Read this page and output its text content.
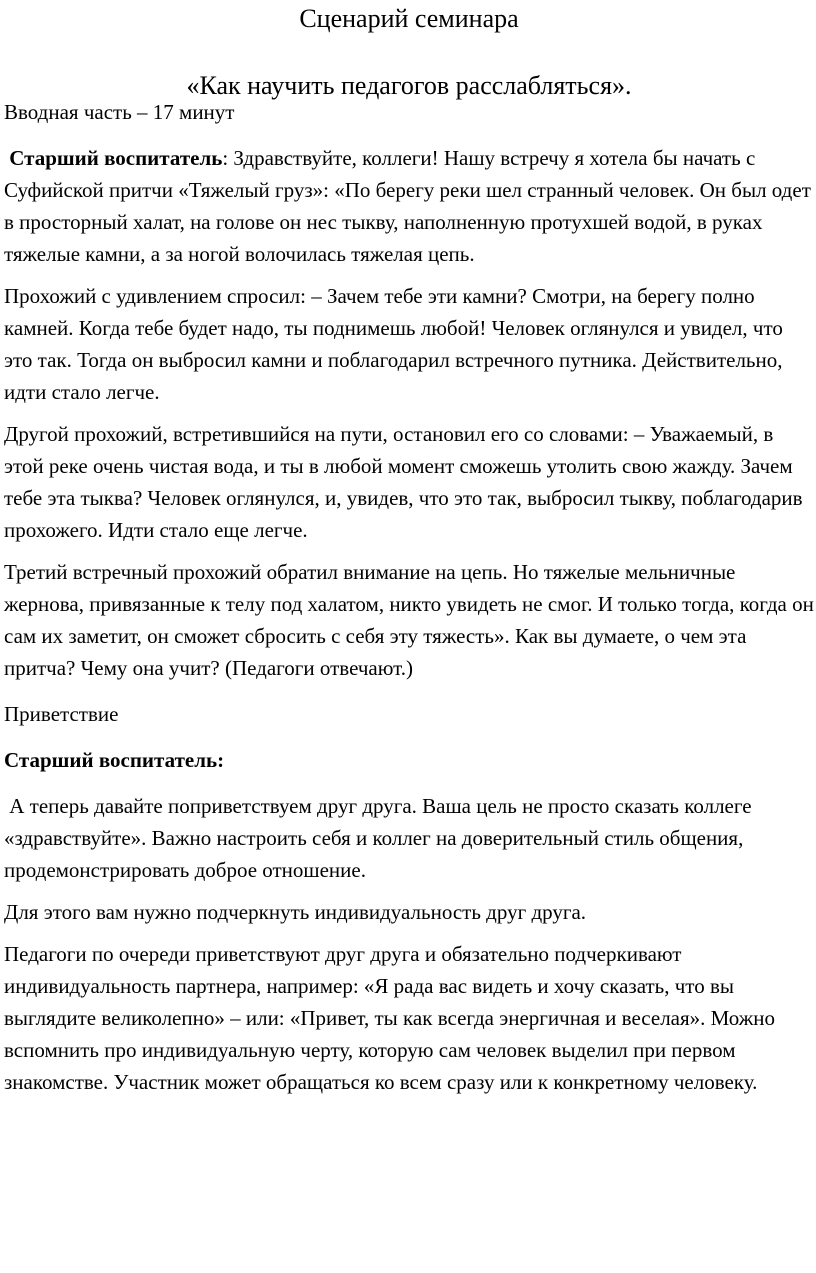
Сценарий семинара
«Как научить педагогов расслабляться».

Вводная часть – 17 минут

Старший воспитатель: Здравствуйте, коллеги! Нашу встречу я хотела бы начать с Суфийской притчи «Тяжелый груз»: «По берегу реки шел странный человек. Он был одет в просторный халат, на голове он нес тыкву, наполненную протухшей водой, в руках тяжелые камни, а за ногой волочилась тяжелая цепь.

Прохожий с удивлением спросил: – Зачем тебе эти камни? Смотри, на берегу полно камней. Когда тебе будет надо, ты поднимешь любой! Человек оглянулся и увидел, что это так. Тогда он выбросил камни и поблагодарил встречного путника. Действительно, идти стало легче.

Другой прохожий, встретившийся на пути, остановил его со словами: – Уважаемый, в этой реке очень чистая вода, и ты в любой момент сможешь утолить свою жажду. Зачем тебе эта тыква? Человек оглянулся, и, увидев, что это так, выбросил тыкву, поблагодарив прохожего. Идти стало еще легче.

Третий встречный прохожий обратил внимание на цепь. Но тяжелые мельничные жернова, привязанные к телу под халатом, никто увидеть не смог. И только тогда, когда он сам их заметит, он сможет сбросить с себя эту тяжесть». Как вы думаете, о чем эта притча? Чему она учит? (Педагоги отвечают.)

Приветствие

Старший воспитатель:

А теперь давайте поприветствуем друг друга. Ваша цель не просто сказать коллеге «здравствуйте». Важно настроить себя и коллег на доверительный стиль общения, продемонстрировать доброе отношение.

Для этого вам нужно подчеркнуть индивидуальность друг друга.

Педагоги по очереди приветствуют друг друга и обязательно подчеркивают индивидуальность партнера, например: «Я рада вас видеть и хочу сказать, что вы выглядите великолепно» – или: «Привет, ты как всегда энергичная и веселая». Можно вспомнить про индивидуальную черту, которую сам человек выделил при первом знакомстве. Участник может обращаться ко всем сразу или к конкретному человеку.
